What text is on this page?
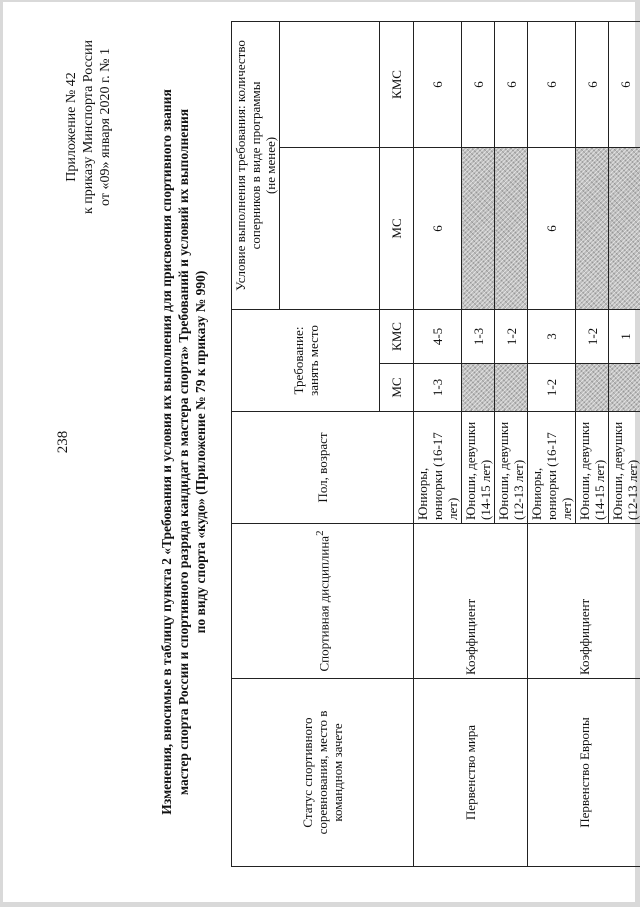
238
Приложение № 42 к приказу Минспорта России от «09» января 2020 г. № 1	Изменения, вносимые в таблицу пункта 2 «Требования и условия их выполнения для присвоения спортивного звания мастер спорта России и спортивного разряда кандидат в мастера спорта» Требований и условий их выполнения по виду спорта «кудо» (Приложение № 79 к приказу № 990)
Статус спортивного соревнования, место в командном зачете	Спортивная дисциплина$^2$	Пол, возраст	Требование: занять место		Условие выполнения требования: количество соперников в виде программы (не менее)	

			МС	КМС	МС	КМС
Первенство мира	Коэффициент	Юниоры, юниорки (16-17 лет)	1-3	4-5	6	6
		Юноши, девушки (14-15 лет)		1-3		6
		Юноши, девушки (12-13 лет)		1-2		6
Первенство Европы	Коэффициент	Юниоры, юниорки (16-17 лет)	1-2	3	6	6
		Юноши, девушки (14-15 лет)		1-2		6
		Юноши, девушки (12-13 лет)		1		6
